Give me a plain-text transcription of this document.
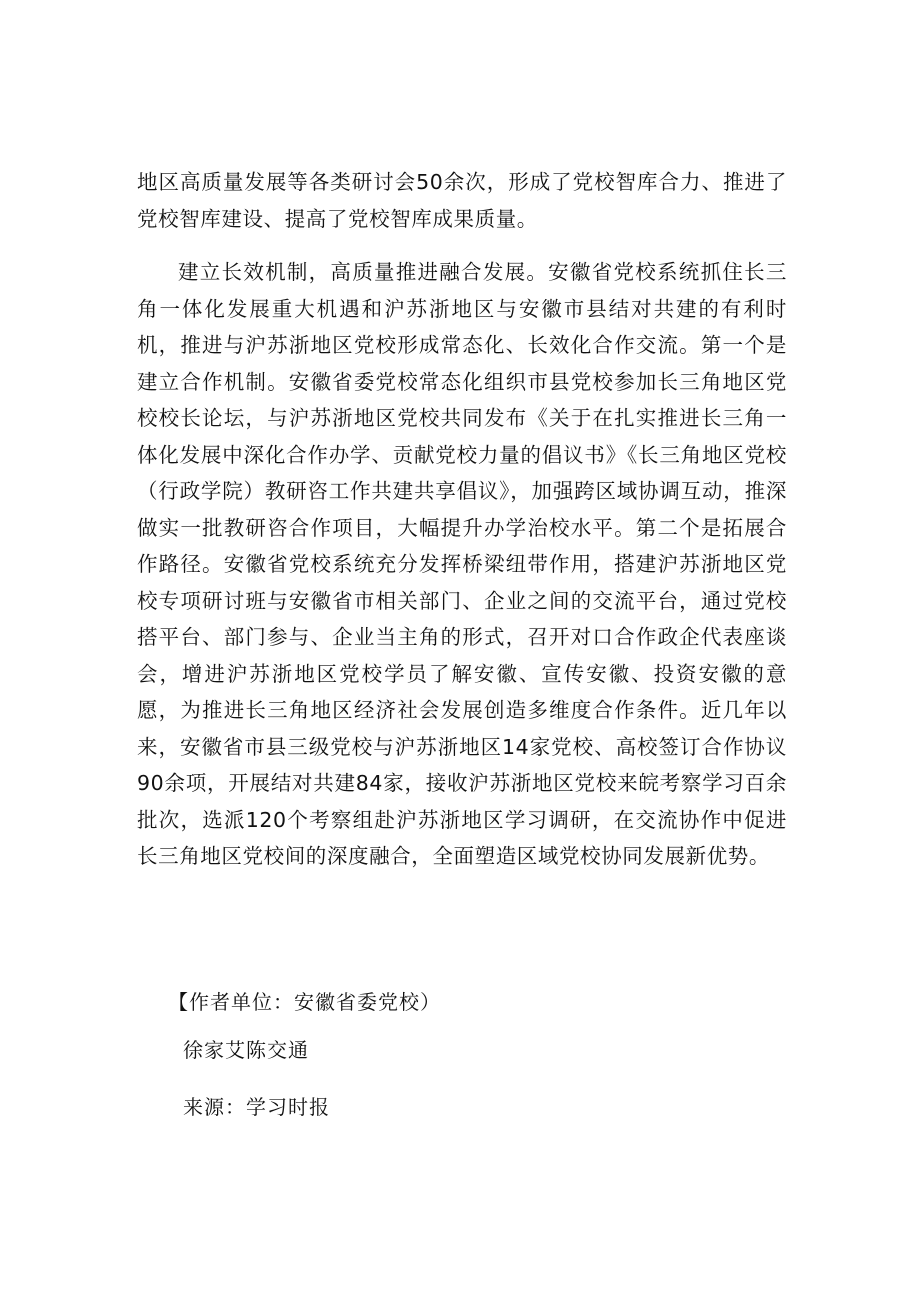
地区高质量发展等各类研讨会50余次，形成了党校智库合力、推进了党校智库建设、提高了党校智库成果质量。

建立长效机制，高质量推进融合发展。安徽省党校系统抓住长三角一体化发展重大机遇和沪苏浙地区与安徽市县结对共建的有利时机，推进与沪苏浙地区党校形成常态化、长效化合作交流。第一个是建立合作机制。安徽省委党校常态化组织市县党校参加长三角地区党校校长论坛，与沪苏浙地区党校共同发布《关于在扎实推进长三角一体化发展中深化合作办学、贡献党校力量的倡议书》《长三角地区党校（行政学院）教研咨工作共建共享倡议》，加强跨区域协调互动，推深做实一批教研咨合作项目，大幅提升办学治校水平。第二个是拓展合作路径。安徽省党校系统充分发挥桥梁纽带作用，搭建沪苏浙地区党校专项研讨班与安徽省市相关部门、企业之间的交流平台，通过党校搭平台、部门参与、企业当主角的形式，召开对口合作政企代表座谈会，增进沪苏浙地区党校学员了解安徽、宣传安徽、投资安徽的意愿，为推进长三角地区经济社会发展创造多维度合作条件。近几年以来，安徽省市县三级党校与沪苏浙地区14家党校、高校签订合作协议90余项，开展结对共建84家，接收沪苏浙地区党校来皖考察学习百余批次，选派120个考察组赴沪苏浙地区学习调研，在交流协作中促进长三角地区党校间的深度融合，全面塑造区域党校协同发展新优势。

【作者单位：安徽省委党校）
徐家艾陈交通
来源：学习时报
